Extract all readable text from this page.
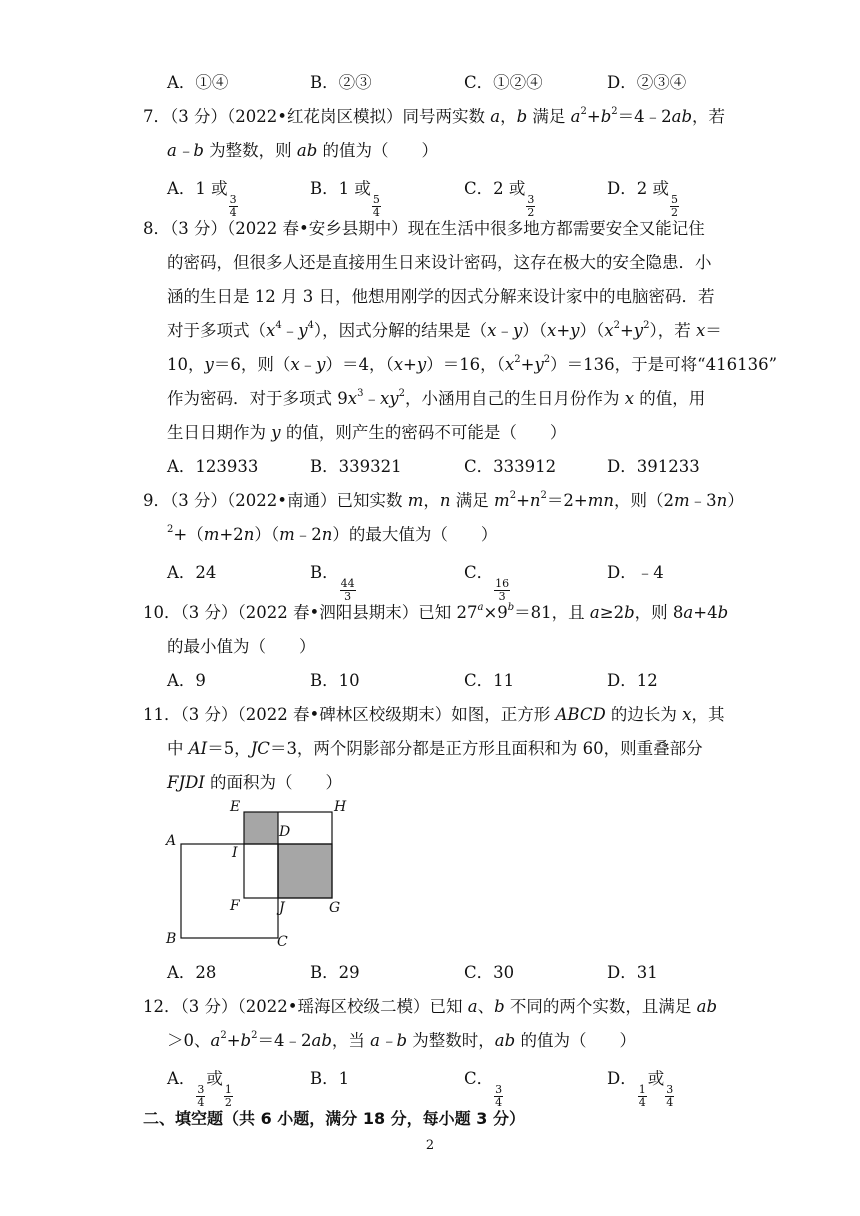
A．①④	B．②③	C．①②④	D．②③④
7．（3 分）（2022•红花岗区模拟）同号两实数 a，b 满足 $a^2+b^2=4﹣2ab$，若
a﹣b 为整数，则 ab 的值为（　　）
A．1 或
$\frac{3}{4}$
B．1 或
$\frac{5}{4}$
C．2 或
$\frac{3}{2}$
D．2 或
$\frac{5}{2}$
8．（3 分）（2022 春•安乡县期中）现在生活中很多地方都需要安全又能记住
的密码，但很多人还是直接用生日来设计密码，这存在极大的安全隐患．小
涵的生日是 12 月 3 日，他想用刚学的因式分解来设计家中的电脑密码．若
对于多项式$(x^4﹣y^4)$，因式分解的结果是$(x﹣y)(x+y)(x^2+y^2)$，若 x＝
10，y＝6，则（x﹣y）＝4，（x+y）＝16，$(x^2+y^2)=136$，于是可将“416136”
作为密码．对于多项式 $9x^3﹣xy^2$，小涵用自己的生日月份作为 x 的值，用
生日日期作为 y 的值，则产生的密码不可能是（　　）
A．123933	B．339321	C．333912	D．391233
9．（3 分）（2022•南通）已知实数 m，n 满足 $m^2+n^2=2+mn$，则（2m﹣3n）
$^2$+（m+2n）（m﹣2n）的最大值为（　　）
A．24	B．
$\frac{44}{3}$
C．
$\frac{16}{3}$
D．﹣4
10．（3 分）（2022 春•泗阳县期末）已知 $27^a\times 9^b=81$，且 a≥2b，则 8a+4b
的最小值为（　　）
A．9	B．10	C．11	D．12
11．（3 分）（2022 春•碑林区校级期末）如图，正方形 ABCD 的边长为 x，其
中 AI＝5，JC＝3，两个阴影部分都是正方形且面积和为 60，则重叠部分
FJDI 的面积为（　　）
E	H
D
A
I
F	J	G
B	C
A．28	B．29	C．30	D．31
12．（3 分）（2022•瑶海区校级二模）已知 a、b 不同的两个实数，且满足 ab
＞0、$a^2+b^2=4﹣2ab$，当 a﹣b 为整数时，ab 的值为（　　）
A．
$\frac{3}{4}$
或
$\frac{1}{2}$
B．1	C．
$\frac{3}{4}$
D．
$\frac{1}{4}$
或
$\frac{3}{4}$
二、填空题（共 6 小题，满分 18 分，每小题 3 分）
2
